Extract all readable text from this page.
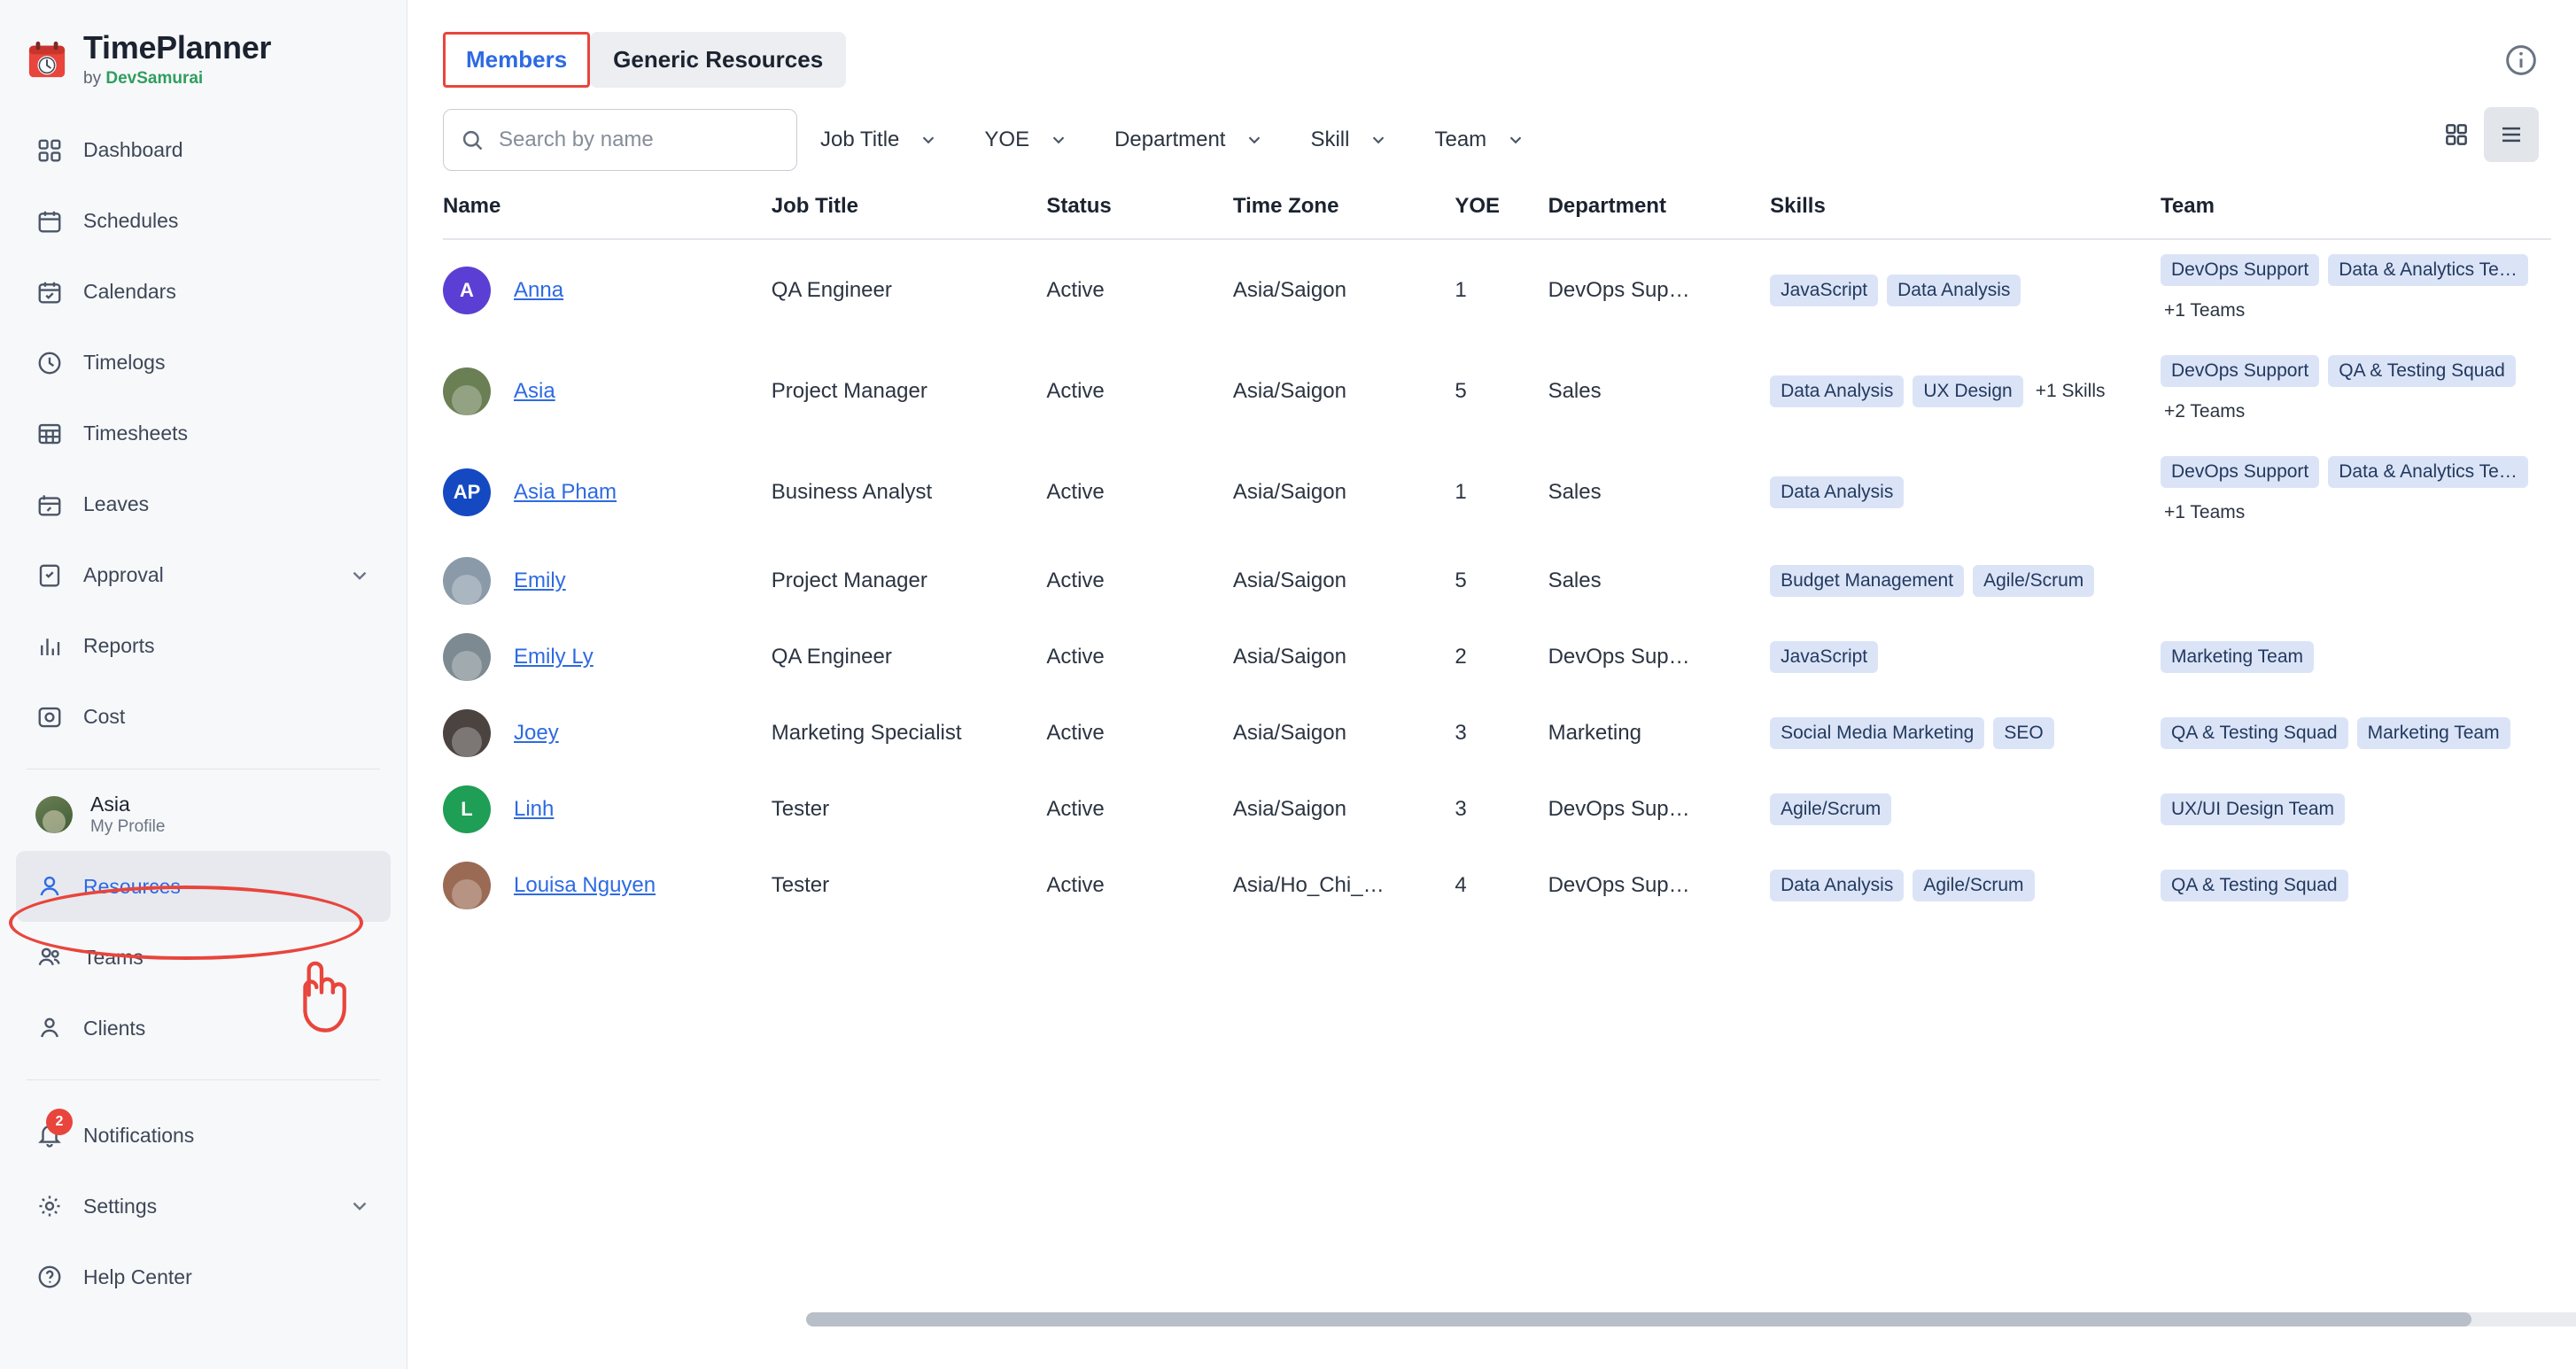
TimePlanner
by DevSamurai
Dashboard
Schedules
Calendars
Timelogs
Timesheets
Leaves
Approval
Reports
Cost
Asia
My Profile
Resources
Teams
Clients
2
Notifications
Settings
Help Center
Members	Generic Resources
Search by name
Job Title	YOE	Department	Skill	Team
Name	Job Title	Status	Time Zone	YOE	Department	Skills	Team

A Anna	QA Engineer	Active	Asia/Saigon	1	DevOps Sup…	JavaScript Data Analysis	DevOps Support Data & Analytics Te…
+1 Teams

Asia	Project Manager	Active	Asia/Saigon	5	Sales	Data Analysis UX Design +1 Skills	DevOps Support QA & Testing Squad
+2 Teams

AP Asia Pham	Business Analyst	Active	Asia/Saigon	1	Sales	Data Analysis	DevOps Support Data & Analytics Te…
+1 Teams

Emily	Project Manager	Active	Asia/Saigon	5	Sales	Budget Management Agile/Scrum	

Emily Ly	QA Engineer	Active	Asia/Saigon	2	DevOps Sup…	JavaScript	Marketing Team

Joey	Marketing Specialist	Active	Asia/Saigon	3	Marketing	Social Media Marketing SEO	QA & Testing Squad Marketing Team

L Linh	Tester	Active	Asia/Saigon	3	DevOps Sup…	Agile/Scrum	UX/UI Design Team

Louisa Nguyen	Tester	Active	Asia/Ho_Chi_…	4	DevOps Sup…	Data Analysis Agile/Scrum	QA & Testing Squad
